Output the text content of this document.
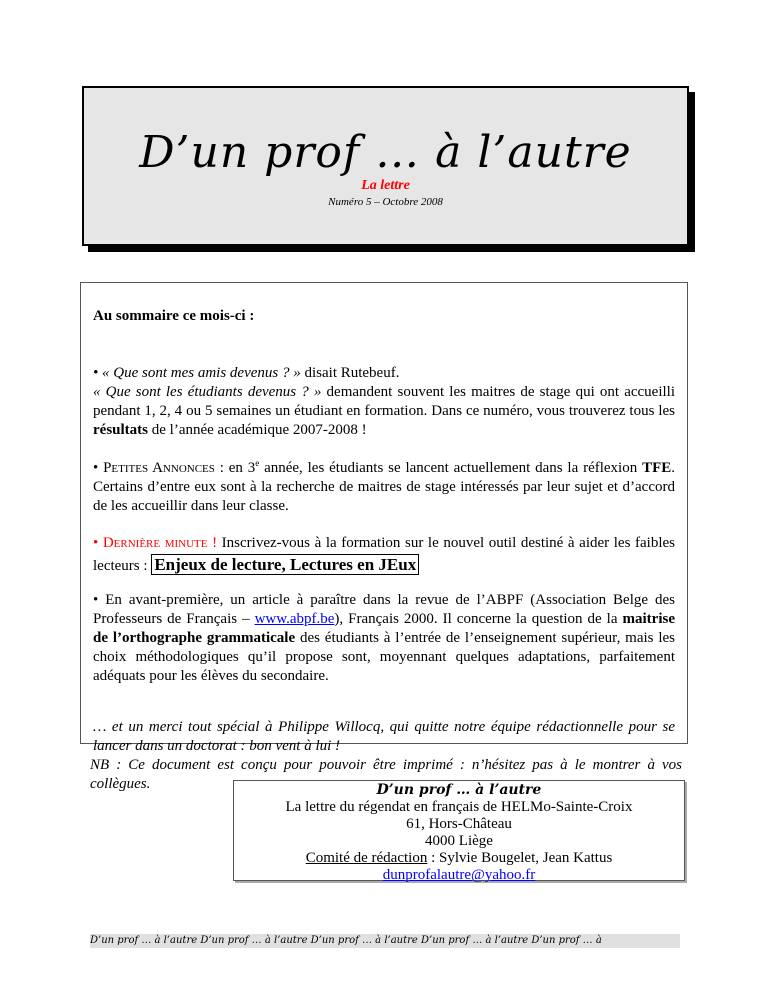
D’un prof … à l’autre
La lettre
Numéro 5 – Octobre 2008

Au sommaire ce mois-ci :

• « Que sont mes amis devenus ? » disait Rutebeuf.
« Que sont les étudiants devenus ? » demandent souvent les maitres de stage qui ont accueilli pendant 1, 2, 4 ou 5 semaines un étudiant en formation. Dans ce numéro, vous trouverez tous les résultats de l’année académique 2007-2008 !

• Petites Annonces : en 3e année, les étudiants se lancent actuellement dans la réflexion TFE. Certains d’entre eux sont à la recherche de maitres de stage intéressés par leur sujet et d’accord de les accueillir dans leur classe.

• Dernière minute ! Inscrivez-vous à la formation sur le nouvel outil destiné à aider les faibles lecteurs : Enjeux de lecture, Lectures en JEux

• En avant-première, un article à paraître dans la revue de l’ABPF (Association Belge des Professeurs de Français – www.abpf.be), Français 2000. Il concerne la question de la maitrise de l’orthographe grammaticale des étudiants à l’entrée de l’enseignement supérieur, mais les choix méthodologiques qu’il propose sont, moyennant quelques adaptations, parfaitement adéquats pour les élèves du secondaire.

… et un merci tout spécial à Philippe Willocq, qui quitte notre équipe rédactionnelle pour se lancer dans un doctorat : bon vent à lui !

NB : Ce document est conçu pour pouvoir être imprimé : n’hésitez pas à le montrer à vos collègues.	D’un prof … à l’autre
La lettre du régendat en français de HELMo-Sainte-Croix
61, Hors-Château
4000 Liège
Comité de rédaction : Sylvie Bougelet, Jean Kattus
dunprofalautre@yahoo.fr
D’un prof … à l’autre D’un prof … à l’autre D’un prof … à l’autre D’un prof … à l’autre D’un prof … à
